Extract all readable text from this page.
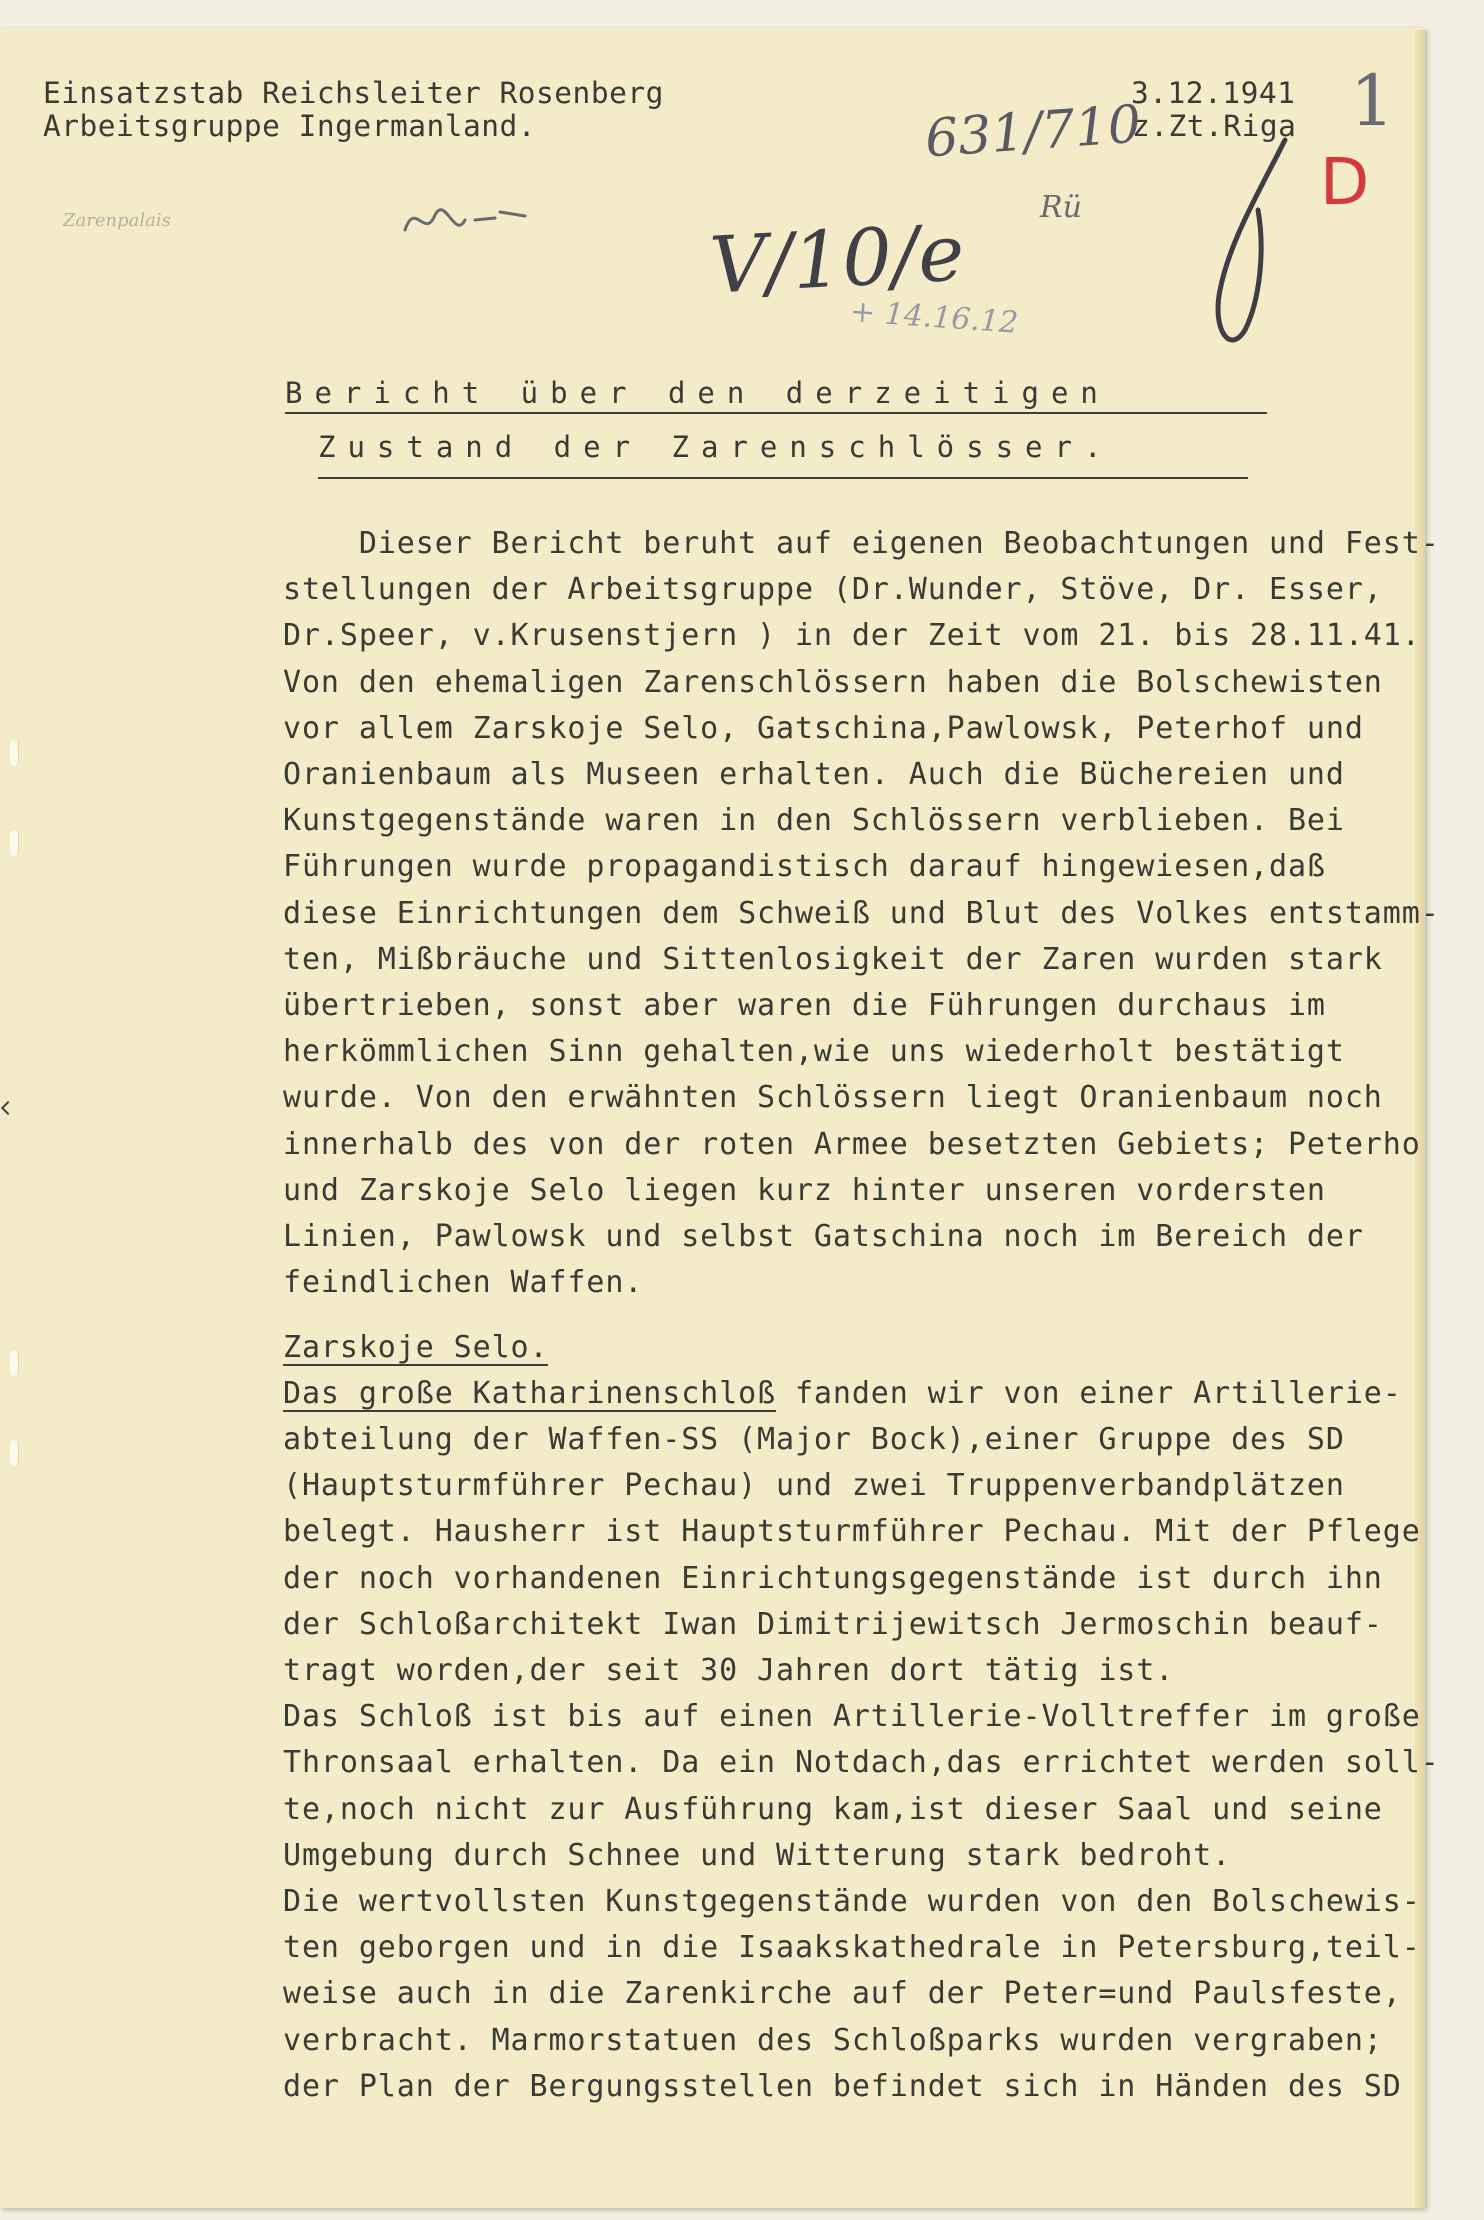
Einsatzstab Reichsleiter Rosenberg
Arbeitsgruppe Ingermanland.
3.12.1941
z.Zt.Riga
631/710
V/10/e
Rü
1
+ 14.16.12
D
Zarenpalais
Bericht über den derzeitigen
Zustand der Zarenschlösser.
Dieser Bericht beruht auf eigenen Beobachtungen und Fest-
stellungen der Arbeitsgruppe (Dr.Wunder, Stöve, Dr. Esser,
Dr.Speer, v.Krusenstjern ) in der Zeit vom 21. bis 28.11.41.
Von den ehemaligen Zarenschlössern haben die Bolschewisten
vor allem Zarskoje Selo, Gatschina,Pawlowsk, Peterhof und
Oranienbaum als Museen erhalten. Auch die Büchereien und
Kunstgegenstände waren in den Schlössern verblieben. Bei
Führungen wurde propagandistisch darauf hingewiesen,daß
diese Einrichtungen dem Schweiß und Blut des Volkes entstamm-
ten, Mißbräuche und Sittenlosigkeit der Zaren wurden stark
übertrieben, sonst aber waren die Führungen durchaus im
herkömmlichen Sinn gehalten,wie uns wiederholt bestätigt
wurde. Von den erwähnten Schlössern liegt Oranienbaum noch
innerhalb des von der roten Armee besetzten Gebiets; Peterho
und Zarskoje Selo liegen kurz hinter unseren vordersten
Linien, Pawlowsk und selbst Gatschina noch im Bereich der
feindlichen Waffen.
Zarskoje Selo.
Das große Katharinenschloß fanden wir von einer Artillerie-
abteilung der Waffen-SS (Major Bock),einer Gruppe des SD
(Hauptsturmführer Pechau) und zwei Truppenverbandplätzen
belegt. Hausherr ist Hauptsturmführer Pechau. Mit der Pflege
der noch vorhandenen Einrichtungsgegenstände ist durch ihn
der Schloßarchitekt Iwan Dimitrijewitsch Jermoschin beauf-
tragt worden,der seit 30 Jahren dort tätig ist.
Das Schloß ist bis auf einen Artillerie-Volltreffer im große
Thronsaal erhalten. Da ein Notdach,das errichtet werden soll-
te,noch nicht zur Ausführung kam,ist dieser Saal und seine
Umgebung durch Schnee und Witterung stark bedroht.
Die wertvollsten Kunstgegenstände wurden von den Bolschewis-
ten geborgen und in die Isaakskathedrale in Petersburg,teil-
weise auch in die Zarenkirche auf der Peter=und Paulsfeste,
verbracht. Marmorstatuen des Schloßparks wurden vergraben;
der Plan der Bergungsstellen befindet sich in Händen des SD
